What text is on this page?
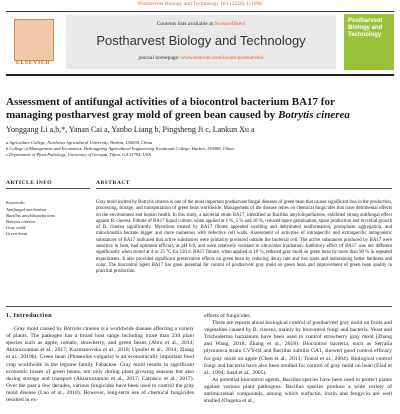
Postharvest Biology and Technology 161 (2020) 111096
ELSEVIER
Contents lists available at ScienceDirect
Postharvest Biology and Technology
journal homepage: www.elsevier.com/locate/postharvbio
Postharvest Biology and Technology
Assessment of antifungal activities of a biocontrol bacterium BA17 for
managing postharvest gray mold of green bean caused by Botrytis cinerea
Yonggang Li a,b,*, Yanan Cai a, Yanbo Liang b, Pingsheng Ji c, Lankun Xu a
a Agriculture College, Northeast Agricultural University, Harbin, 150030, China
b College of Management and Economics, Heilongjiang Agricultural Engineering Vocational College, Harbin, 150088, China
c Department of Plant Pathology, University of Georgia, Tifton, GA 31794, USA
ARTICLE INFO	ABSTRACT
Keywords:
Antifungal mechanism
Bacillus amyloliquefaciens
Botrytis cinerea
Gray mold
Green bean
Gray mold incited by Botrytis cinerea is one of the most important postharvest fungal diseases of green bean that causes significant loss in the production, processing, storage, and transportation of green bean worldwide. Management of the disease relies on chemical fungicides that have detrimental effects on the environment and human health. In this study, a bacterial strain BA17, identified as Bacillus amyloliquefaciens, exhibited strong antifungal effect against B. cinerea. Filtrate of BA17 liquid culture, when applied at 1 %, 5 % and 10 %, reduced spore germination, spore production and mycelial growth of B. cinerea significantly. Mycelium treated by BA17 filtrate appeared swelling and dehydrated malformation, protoplasm aggregation, and mitochondria became bigger and more numerous with defective cell walls. Assessment of activities of intraspecific and extraspecific antagonistic substances of BA17 indicated that active substances were primarily produced outside the bacterial cell. The active substances produced by BA17 were sensitive to heat, had optimum efficacy at pH 8.0, and were relatively resistant to ultraviolet irradiation. Inhibitory effect of BA17 was not different significantly when stored at 4 or 25 °C for 120 d. BA17 filtrate, when applied at 10 %, reduced gray mold on green bean by more than 90 % in repeated experiments. It also provided significant preservative effects on green bean by reducing decay rate and rust spots and maintaining better hardness and color. The biocontrol agent BA17 has great potential for control of postharvest gray mold on green bean and improvement of green bean quality in practical production.
1. Introduction
Gray mold caused by Botrytis cinerea is a worldwide disease affecting a variety of plants. The pathogen has a broad host range including more than 230 plant species such as apple, tomato, strawberry, and green beans (Abro et al., 2014; Aktaruzzaman et al., 2017; Kuzmanovska et al., 2018; Upulini et al., 2014; Zhang et al., 2019b). Green bean (Phaseolus vulgaris) is an economically important food crop worldwide in the legume family Fabaceae. Gray mold results in significant economic losses of green beans, not only during plant growing seasons but also during storage and transport (Aktaruzzaman et al., 2017; Carrasco et al., 2017). Over the past a few decades, various fungicides have been used to control the gray mold disease (Luo et al., 2018). However, long-term use of chemical fungicides resulted in ex-
effects of fungicides.
There are reports about biological control of postharvest gray mold on fruits and vegetables caused by B. cinerea, mainly by biocontrol fungi and bacteria. Yeast and Trichoderma harzianum have been used to control strawberry gray mold (Zhang and Wang, 2018; Zhang et al., 2018). Biocontrol bacteria, such as Serratia plymuteca strain CVY-04 and Bacillus subtilis GA1, showed good control efficacy for gray mold on apple (Chen et al., 2013; Toural et al., 2004). Biological control fungi and bacteria have also been studied for control of gray mold on bean (Elad et al., 1994; Saad et al., 2005).
As potential biocontrol agents, Bacillus species have been used to protect plants against various plant pathogens. Bacillus species produce a wide variety of antimicrobial compounds, among which surfactin, iturin and fengycin are well studied (Ongena et al.,
